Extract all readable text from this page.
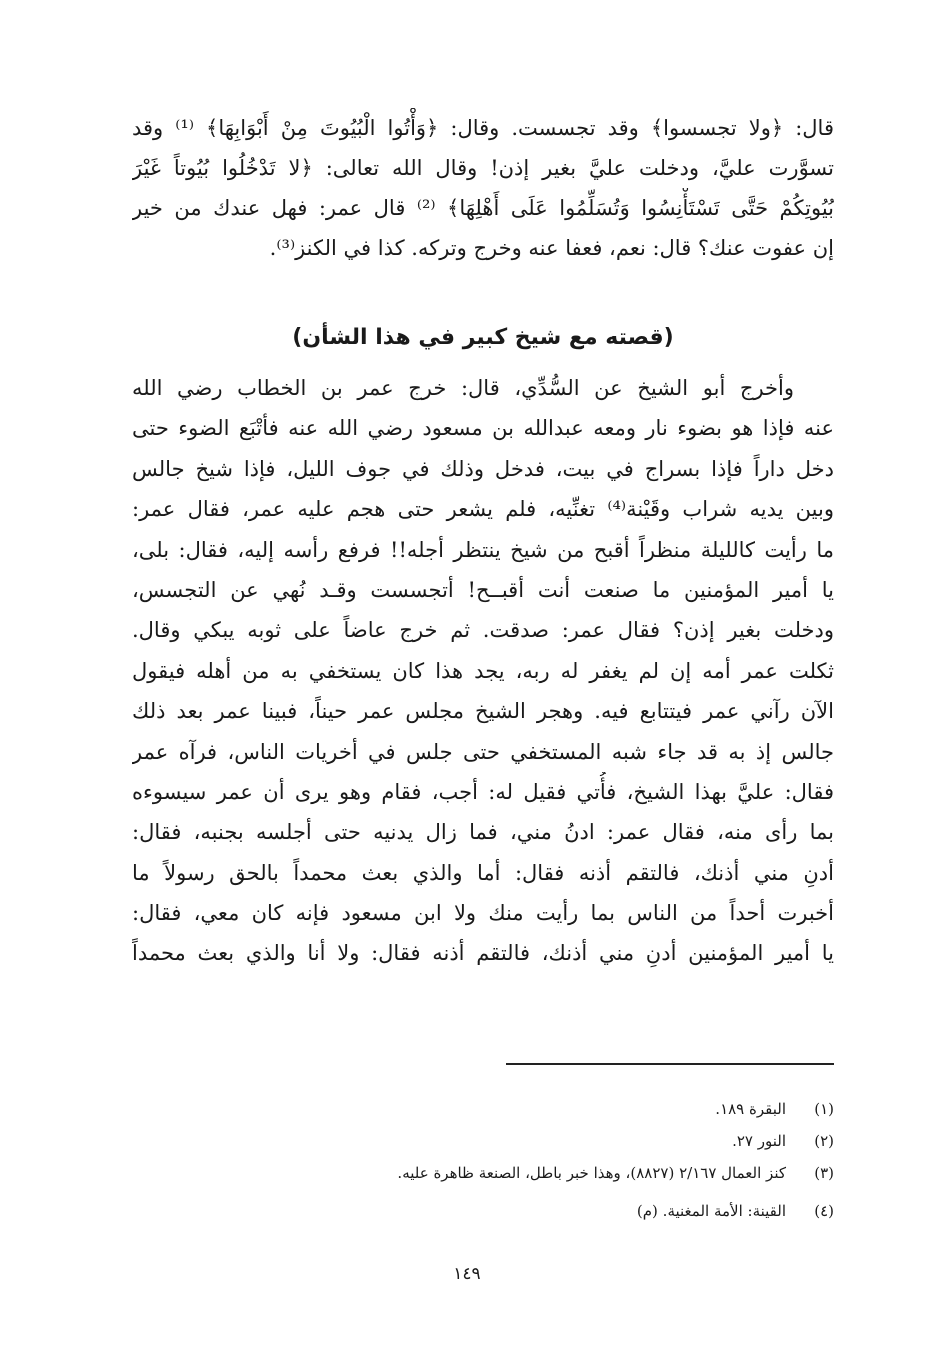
قال: ﴿ولا تجسسوا﴾ وقد تجسست. وقال: ﴿وَأْتُوا الْبُيُوتَ مِنْ أَبْوَابِهَا﴾ ⁽¹⁾ وقد
تسوَّرت عليَّ، ودخلت عليَّ بغير إذن! وقال الله تعالى: ﴿لا تَدْخُلُوا بُيُوتاً غَيْرَ
بُيُوتِكُمْ حَتَّى تَسْتَأْنِسُوا وَتُسَلِّمُوا عَلَى أَهْلِهَا﴾ ⁽²⁾ قال عمر: فهل عندك من خير
إن عفوت عنك؟ قال: نعم، فعفا عنه وخرج وتركه. كذا في الكنز⁽³⁾.
(قصته مع شيخ كبير في هذا الشأن)
وأخرج أبو الشيخ عن السُّدِّي، قال: خرج عمر بن الخطاب رضي الله
عنه فإذا هو بضوء نار ومعه عبدالله بن مسعود رضي الله عنه فأتْبَع الضوء حتى
دخل داراً فإذا بسراج في بيت، فدخل وذلك في جوف الليل، فإذا شيخ جالس
وبين يديه شراب وقَيْنة⁽⁴⁾ تغنِّيه، فلم يشعر حتى هجم عليه عمر، فقال عمر:
ما رأيت كالليلة منظراً أقبح من شيخ ينتظر أجله!! فرفع رأسه إليه، فقال: بلى،
يا أمير المؤمنين ما صنعت أنت أقبــح! أتجسست وقـد نُهي عن التجسس،
ودخلت بغير إذن؟ فقال عمر: صدقت. ثم خرج عاضاً على ثوبه يبكي وقال.
ثكلت عمر أمه إن لم يغفر له ربه، يجد هذا كان يستخفي به من أهله فيقول
الآن رآني عمر فيتتابع فيه. وهجر الشيخ مجلس عمر حيناً، فبينا عمر بعد ذلك
جالس إذ به قد جاء شبه المستخفي حتى جلس في أخريات الناس، فرآه عمر
فقال: عليَّ بهذا الشيخ، فأُتي فقيل له: أجب، فقام وهو يرى أن عمر سيسوءه
بما رأى منه، فقال عمر: ادنُ مني، فما زال يدنيه حتى أجلسه بجنبه، فقال:
أدنِ مني أذنك، فالتقم أذنه فقال: أما والذي بعث محمداً بالحق رسولاً ما
أخبرت أحداً من الناس بما رأيت منك ولا ابن مسعود فإنه كان معي، فقال:
يا أمير المؤمنين أدنِ مني أذنك، فالتقم أذنه فقال: ولا أنا والذي بعث محمداً
(١)
البقرة ١٨٩.
(٢)
النور ٢٧.
(٣)
كنز العمال ٢/١٦٧ (٨٨٢٧)، وهذا خبر باطل، الصنعة ظاهرة عليه.
(٤)
القينة: الأمة المغنية. (م)
١٤٩
